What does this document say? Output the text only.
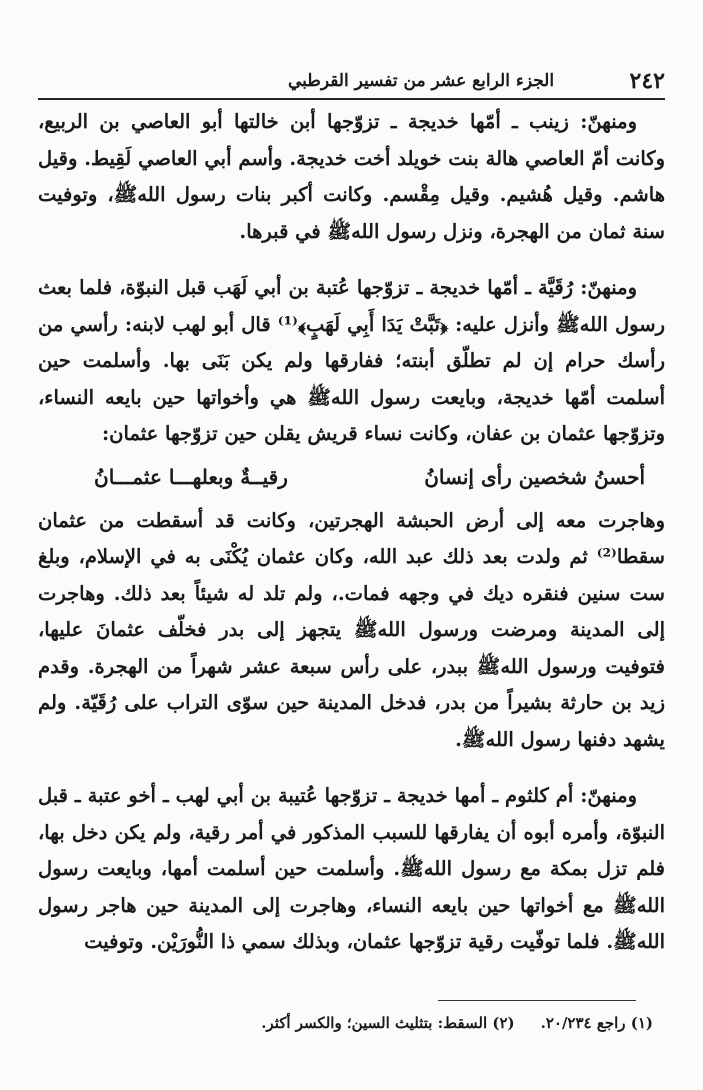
٢٤٢
الجزء الرابع عشر من تفسير القرطبي

ومنهنّ: زينب ـ أمّها خديجة ـ تزوّجها أبن خالتها أبو العاصي بن الربيع، وكانت أمّ العاصي هالة بنت خويلد أخت خديجة. وأسم أبي العاصي لَقِيط. وقيل هاشم. وقيل هُشيم. وقيل مِقْسم. وكانت أكبر بنات رسول اللهﷺ، وتوفيت سنة ثمان من الهجرة، ونزل رسول اللهﷺ في قبرها.

ومنهنّ: رُقَيَّة ـ أمّها خديجة ـ تزوّجها عُتبة بن أبي لَهَب قبل النبوّة، فلما بعث رسول اللهﷺ وأنزل عليه: ﴿تَبَّتْ يَدَا أَبِي لَهَبٍ﴾⁽¹⁾ قال أبو لهب لابنه: رأسي من رأسك حرام إن لم تطلّق أبنته؛ ففارقها ولم يكن بَنَى بها. وأسلمت حين أسلمت أمّها خديجة، وبايعت رسول اللهﷺ هي وأخواتها حين بايعه النساء، وتزوّجها عثمان بن عفان، وكانت نساء قريش يقلن حين تزوّجها عثمان:

أحسنُ شخصين رأى إنسانُ
رقيــةٌ وبعلهـــا عثمـــانُ

وهاجرت معه إلى أرض الحبشة الهجرتين، وكانت قد أسقطت من عثمان سقطا⁽²⁾ ثم ولدت بعد ذلك عبد الله، وكان عثمان يُكْنَى به في الإسلام، وبلغ ست سنين فنقره ديك في وجهه فمات.، ولم تلد له شيئاً بعد ذلك. وهاجرت إلى المدينة ومرضت ورسول اللهﷺ يتجهز إلى بدر فخلّف عثمانَ عليها، فتوفيت ورسول اللهﷺ ببدر، على رأس سبعة عشر شهراً من الهجرة. وقدم زيد بن حارثة بشيراً من بدر، فدخل المدينة حين سوّى التراب على رُقَيّة. ولم يشهد دفنها رسول اللهﷺ.

ومنهنّ: أم كلثوم ـ أمها خديجة ـ تزوّجها عُتيبة بن أبي لهب ـ أخو عتبة ـ قبل النبوّة، وأمره أبوه أن يفارقها للسبب المذكور في أمر رقية، ولم يكن دخل بها، فلم تزل بمكة مع رسول اللهﷺ. وأسلمت حين أسلمت أمها، وبايعت رسول اللهﷺ مع أخواتها حين بايعه النساء، وهاجرت إلى المدينة حين هاجر رسول اللهﷺ. فلما توفّيت رقية تزوّجها عثمان، وبذلك سمي ذا النُّورَيْن. وتوفيت

(١) راجع ٢٠/٢٣٤.
(٢) السقط: بتثليث السين؛ والكسر أكثر.
